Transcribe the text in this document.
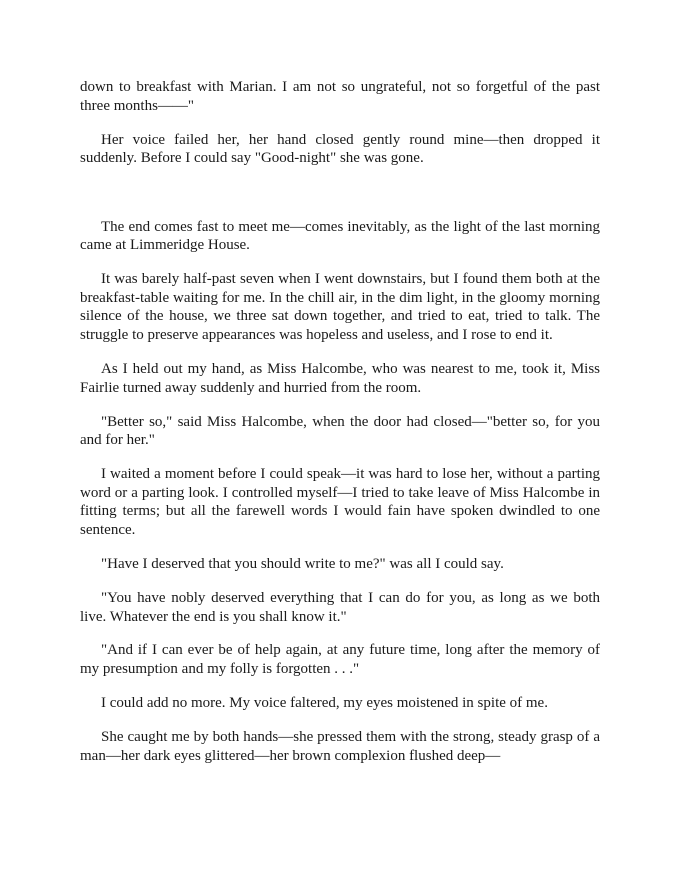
down to breakfast with Marian. I am not so ungrateful, not so forgetful of the past three months——"

Her voice failed her, her hand closed gently round mine—then dropped it suddenly. Before I could say "Good-night" she was gone.

The end comes fast to meet me—comes inevitably, as the light of the last morning came at Limmeridge House.

It was barely half-past seven when I went downstairs, but I found them both at the breakfast-table waiting for me. In the chill air, in the dim light, in the gloomy morning silence of the house, we three sat down together, and tried to eat, tried to talk. The struggle to preserve appearances was hopeless and useless, and I rose to end it.

As I held out my hand, as Miss Halcombe, who was nearest to me, took it, Miss Fairlie turned away suddenly and hurried from the room.

"Better so," said Miss Halcombe, when the door had closed—"better so, for you and for her."

I waited a moment before I could speak—it was hard to lose her, without a parting word or a parting look. I controlled myself—I tried to take leave of Miss Halcombe in fitting terms; but all the farewell words I would fain have spoken dwindled to one sentence.

"Have I deserved that you should write to me?" was all I could say.

"You have nobly deserved everything that I can do for you, as long as we both live. Whatever the end is you shall know it."

"And if I can ever be of help again, at any future time, long after the memory of my presumption and my folly is forgotten . . ."

I could add no more. My voice faltered, my eyes moistened in spite of me.

She caught me by both hands—she pressed them with the strong, steady grasp of a man—her dark eyes glittered—her brown complexion flushed deep—
